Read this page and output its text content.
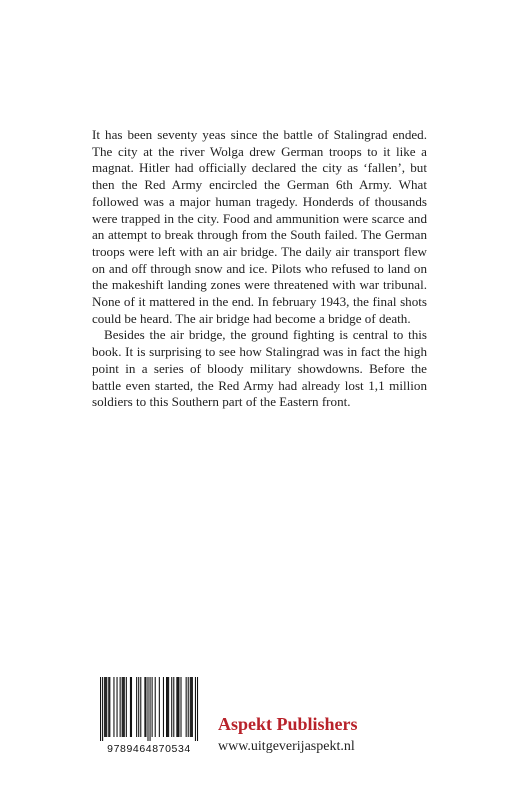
It has been seventy yeas since the battle of Stalingrad ended. The city at the river Wolga drew German troops to it like a magnat. Hitler had officially declared the city as ‘fallen’, but then the Red Army encircled the German 6th Army. What followed was a major human tragedy. Honderds of thousands were trapped in the city. Food and ammunition were scarce and an attempt to break through from the South failed. The German troops were left with an air bridge. The daily air transport flew on and off through snow and ice. Pilots who refused to land on the makeshift landing zones were threatened with war tribunal. None of it mattered in the end. In february 1943, the final shots could be heard. The air bridge had become a bridge of death.

Besides the air bridge, the ground fighting is central to this book. It is surprising to see how Stalingrad was in fact the high point in a series of bloody military showdowns. Before the battle even started, the Red Army had already lost 1,1 million soldiers to this Southern part of the Eastern front.

9789464870534
Aspekt Publishers
www.uitgeverijaspekt.nl
